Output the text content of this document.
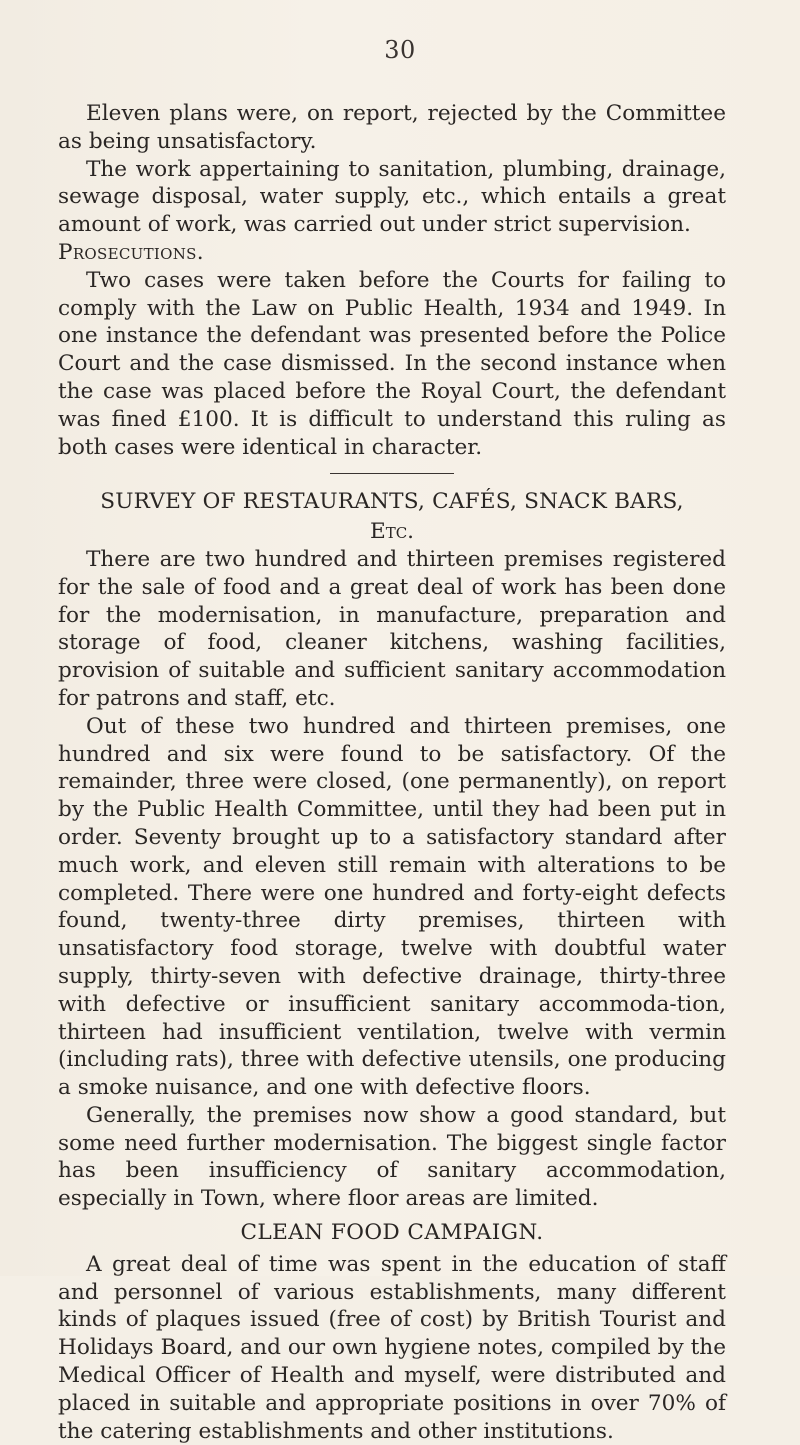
30

Eleven plans were, on report, rejected by the Committee as being unsatisfactory.

The work appertaining to sanitation, plumbing, drainage, sewage disposal, water supply, etc., which entails a great amount of work, was carried out under strict supervision.

Prosecutions.

Two cases were taken before the Courts for failing to comply with the Law on Public Health, 1934 and 1949. In one instance the defendant was presented before the Police Court and the case dismissed. In the second instance when the case was placed before the Royal Court, the defendant was fined £100. It is difficult to understand this ruling as both cases were identical in character.

SURVEY OF RESTAURANTS, CAFÉS, SNACK BARS,
Etc.

There are two hundred and thirteen premises registered for the sale of food and a great deal of work has been done for the modernisation, in manufacture, preparation and storage of food, cleaner kitchens, washing facilities, provision of suitable and sufficient sanitary accommodation for patrons and staff, etc.

Out of these two hundred and thirteen premises, one hundred and six were found to be satisfactory. Of the remainder, three were closed, (one permanently), on report by the Public Health Committee, until they had been put in order. Seventy brought up to a satisfactory standard after much work, and eleven still remain with alterations to be completed. There were one hundred and forty-eight defects found, twenty-three dirty premises, thirteen with unsatisfactory food storage, twelve with doubtful water supply, thirty-seven with defective drainage, thirty-three with defective or insufficient sanitary accommoda-tion, thirteen had insufficient ventilation, twelve with vermin (including rats), three with defective utensils, one producing a smoke nuisance, and one with defective floors.

Generally, the premises now show a good standard, but some need further modernisation. The biggest single factor has been insufficiency of sanitary accommodation, especially in Town, where floor areas are limited.

CLEAN FOOD CAMPAIGN.

A great deal of time was spent in the education of staff and personnel of various establishments, many different kinds of plaques issued (free of cost) by British Tourist and Holidays Board, and our own hygiene notes, compiled by the Medical Officer of Health and myself, were distributed and placed in suitable and appropriate positions in over 70% of the catering establishments and other institutions.
